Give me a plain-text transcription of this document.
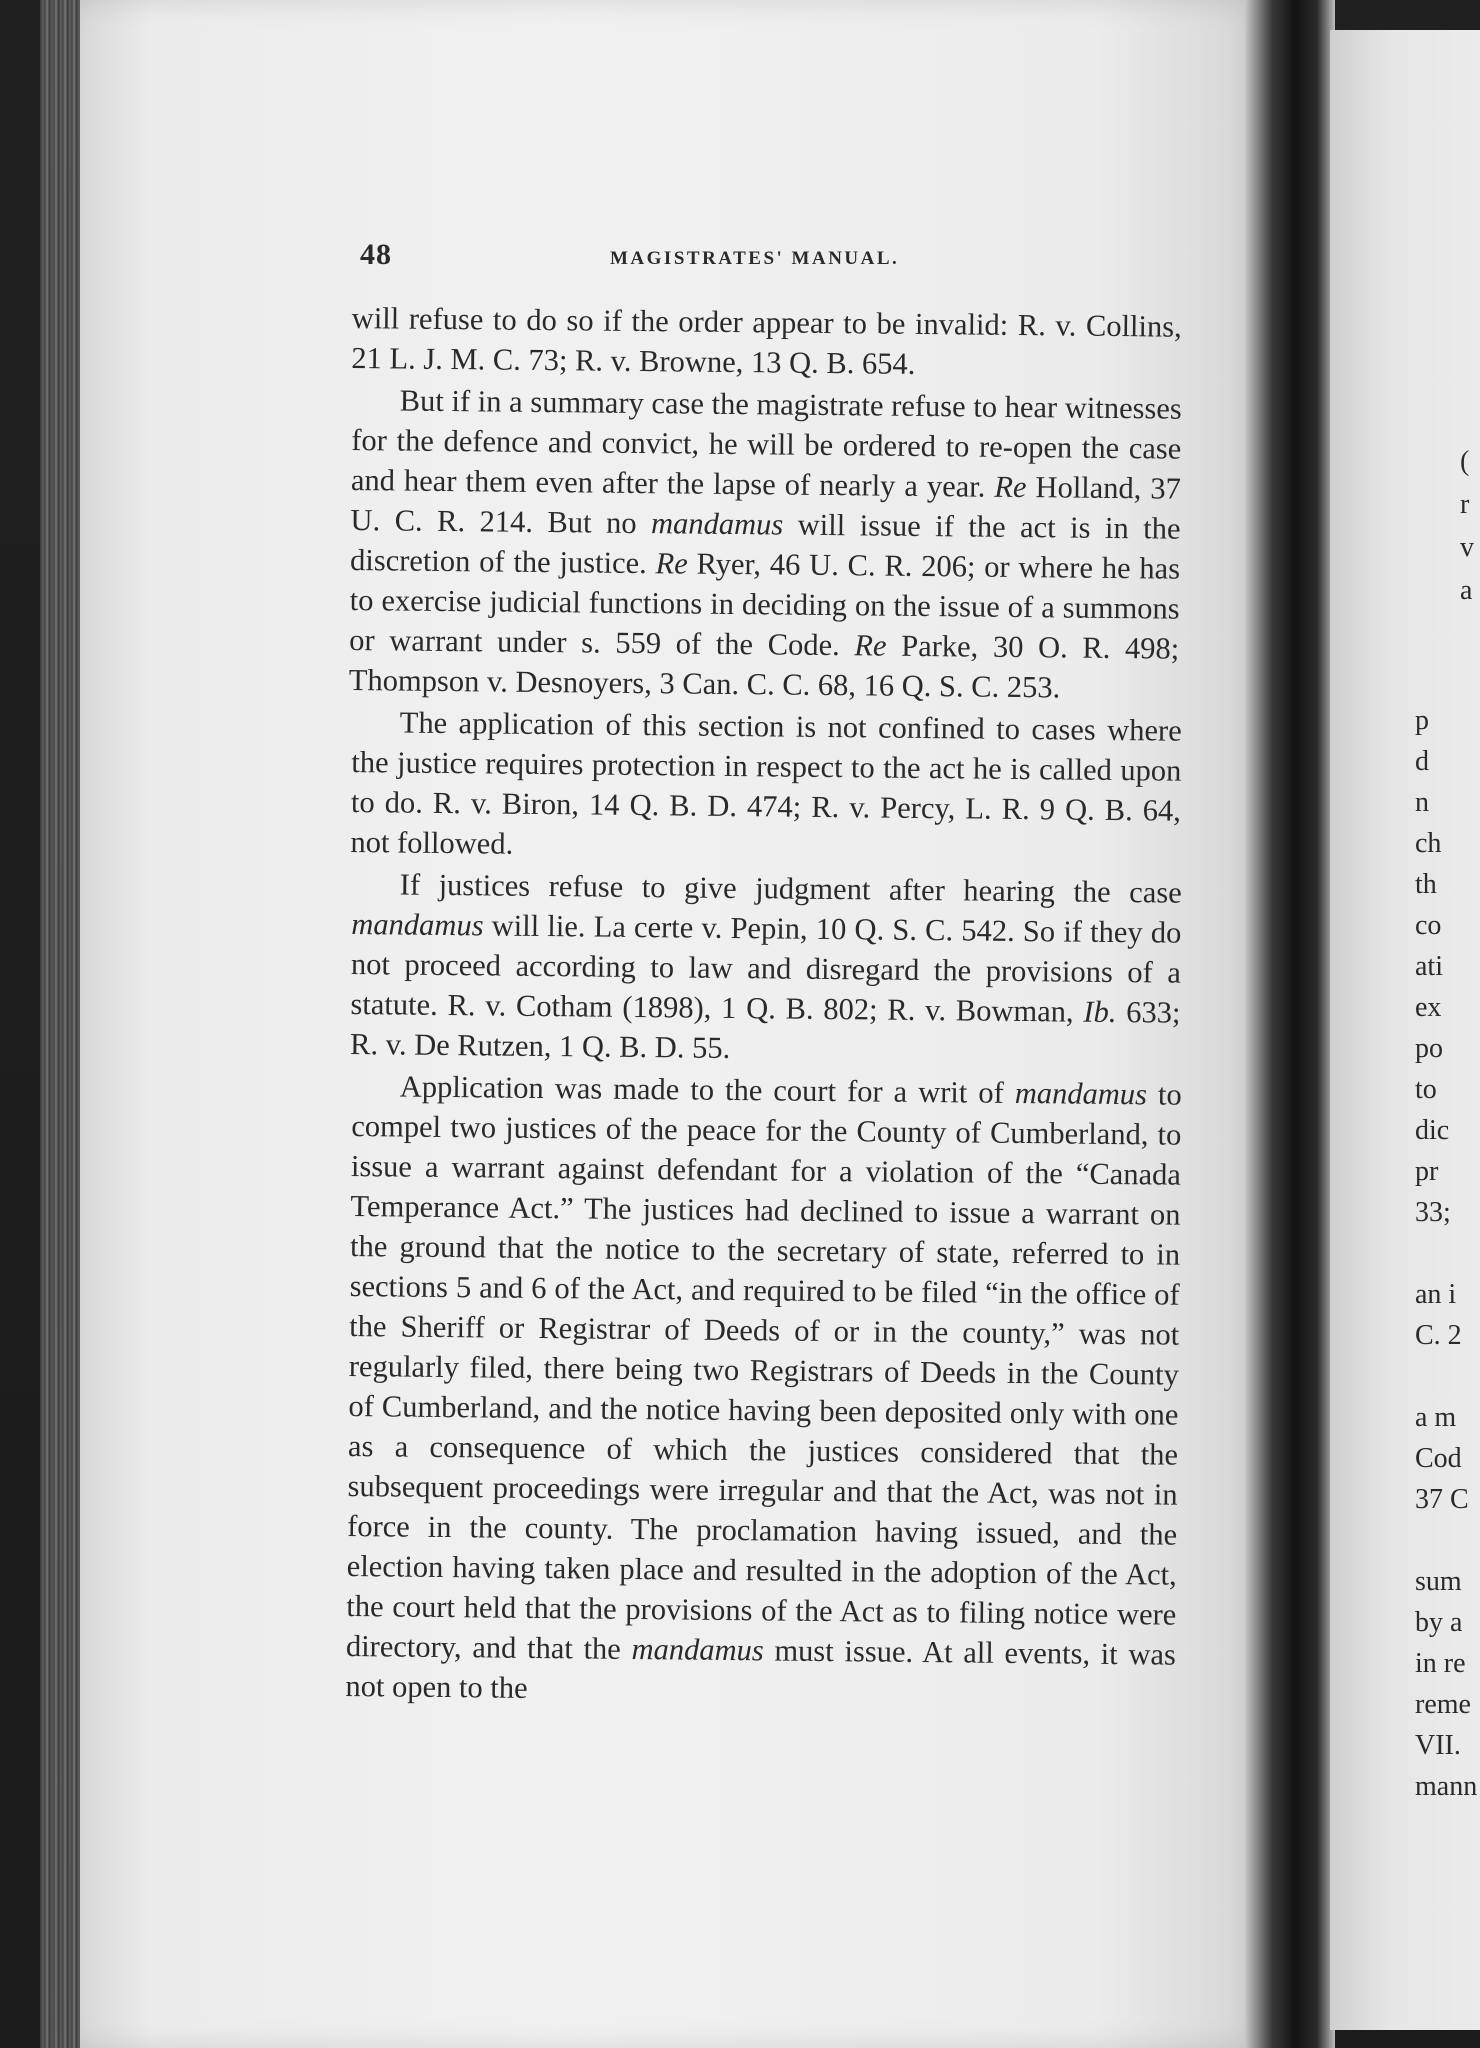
48	MAGISTRATES' MANUAL.

will refuse to do so if the order appear to be invalid: R. v. Collins, 21 L. J. M. C. 73; R. v. Browne, 13 Q. B. 654.

But if in a summary case the magistrate refuse to hear witnesses for the defence and convict, he will be ordered to re-open the case and hear them even after the lapse of nearly a year. Re Holland, 37 U. C. R. 214. But no mandamus will issue if the act is in the discretion of the justice. Re Ryer, 46 U. C. R. 206; or where he has to exercise judicial functions in deciding on the issue of a summons or warrant under s. 559 of the Code. Re Parke, 30 O. R. 498; Thompson v. Desnoyers, 3 Can. C. C. 68, 16 Q. S. C. 253.

The application of this section is not confined to cases where the justice requires protection in respect to the act he is called upon to do. R. v. Biron, 14 Q. B. D. 474; R. v. Percy, L. R. 9 Q. B. 64, not followed.

If justices refuse to give judgment after hearing the case mandamus will lie. La certe v. Pepin, 10 Q. S. C. 542. So if they do not proceed according to law and disregard the provisions of a statute. R. v. Cotham (1898), 1 Q. B. 802; R. v. Bowman, Ib. 633; R. v. De Rutzen, 1 Q. B. D. 55.

Application was made to the court for a writ of mandamus to compel two justices of the peace for the County of Cumberland, to issue a warrant against defendant for a violation of the “Canada Temperance Act.” The justices had declined to issue a warrant on the ground that the notice to the secretary of state, referred to in sections 5 and 6 of the Act, and required to be filed “in the office of the Sheriff or Registrar of Deeds of or in the county,” was not regularly filed, there being two Registrars of Deeds in the County of Cumberland, and the notice having been deposited only with one as a consequence of which the justices considered that the subsequent proceedings were irregular and that the Act, was not in force in the county. The proclamation having issued, and the election having taken place and resulted in the adoption of the Act, the court held that the provisions of the Act as to filing notice were directory, and that the mandamus must issue. At all events, it was not open to the

(
r
v
a
p
d
n
ch
th
co
ati
ex
po
to
dic
pr
33;
an i
C. 2
a m
Cod
37 C
sum
by a
in re
reme
VII.
mann
